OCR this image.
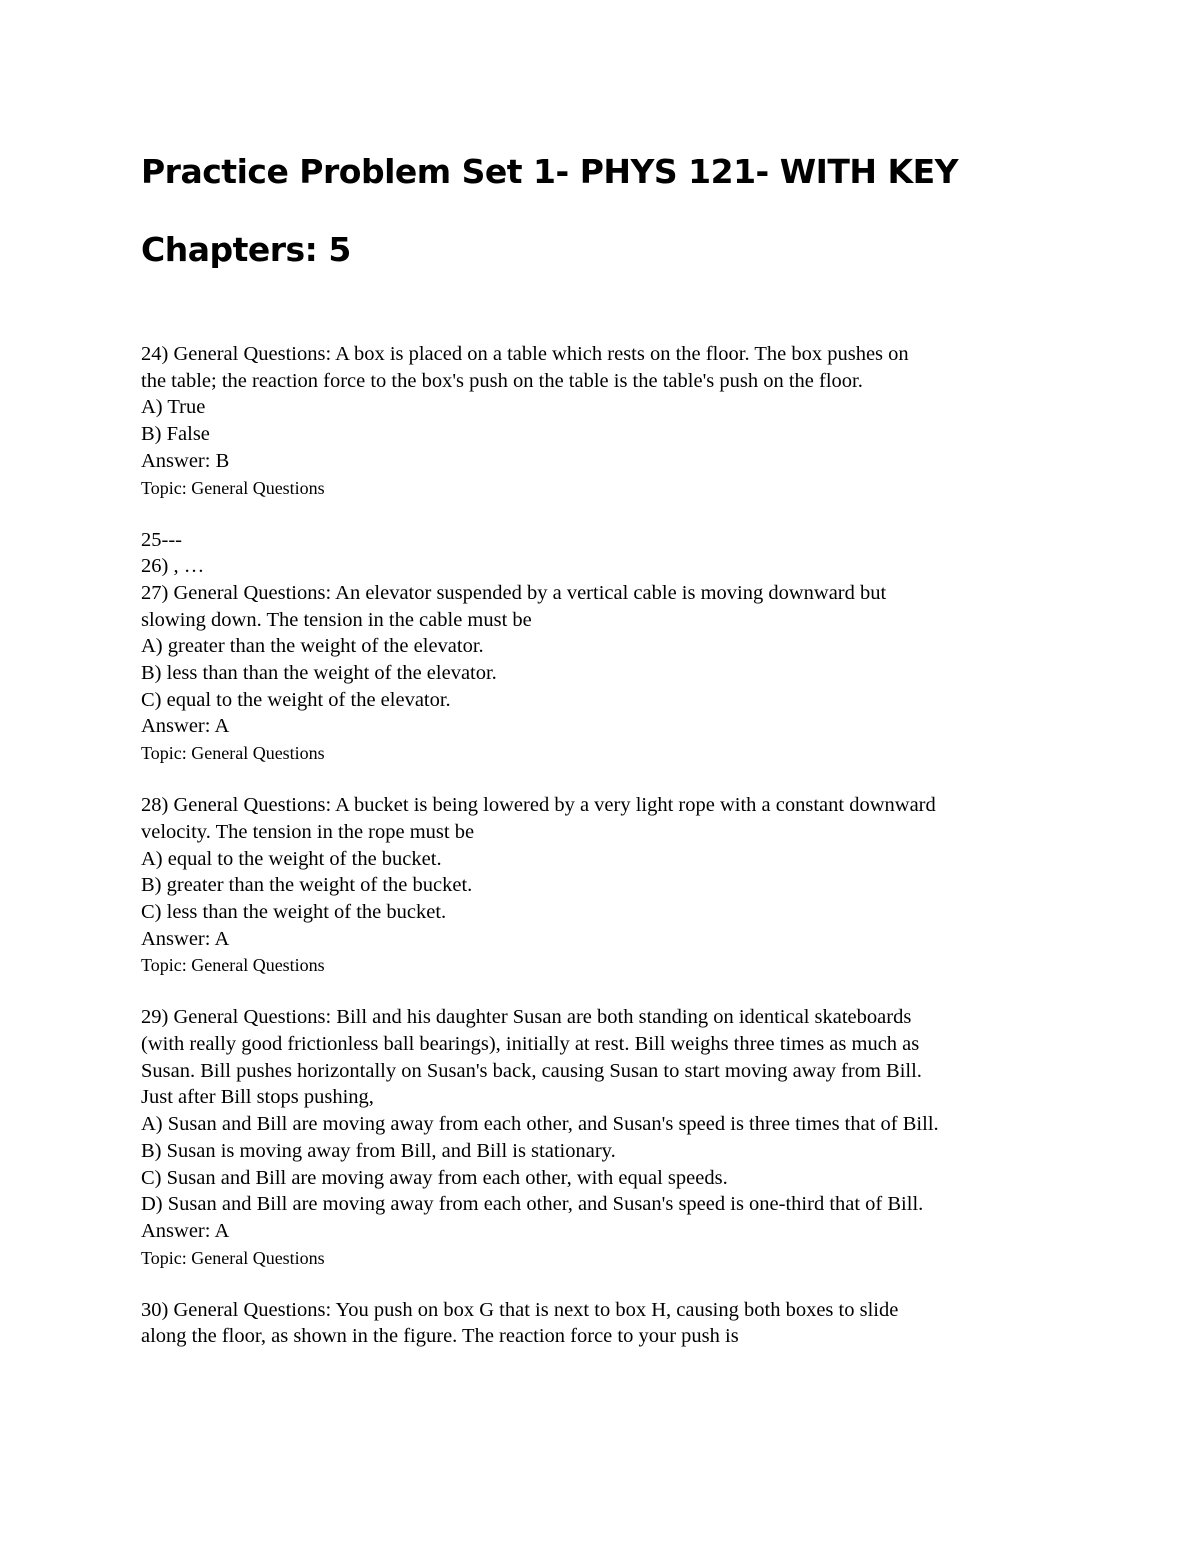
Practice Problem Set 1- PHYS 121- WITH KEY
Chapters: 5

24) General Questions: A box is placed on a table which rests on the floor. The box pushes on

the table; the reaction force to the box's push on the table is the table's push on the floor.

A) True

B) False

Answer: B

Topic: General Questions

25---

26) , …

27) General Questions: An elevator suspended by a vertical cable is moving downward but

slowing down. The tension in the cable must be

A) greater than the weight of the elevator.

B) less than than the weight of the elevator.

C) equal to the weight of the elevator.

Answer: A

Topic: General Questions

28) General Questions: A bucket is being lowered by a very light rope with a constant downward

velocity. The tension in the rope must be

A) equal to the weight of the bucket.

B) greater than the weight of the bucket.

C) less than the weight of the bucket.

Answer: A

Topic: General Questions

29) General Questions: Bill and his daughter Susan are both standing on identical skateboards

(with really good frictionless ball bearings), initially at rest. Bill weighs three times as much as

Susan. Bill pushes horizontally on Susan's back, causing Susan to start moving away from Bill.

Just after Bill stops pushing,

A) Susan and Bill are moving away from each other, and Susan's speed is three times that of Bill.

B) Susan is moving away from Bill, and Bill is stationary.

C) Susan and Bill are moving away from each other, with equal speeds.

D) Susan and Bill are moving away from each other, and Susan's speed is one-third that of Bill.

Answer: A

Topic: General Questions

30) General Questions: You push on box G that is next to box H, causing both boxes to slide

along the floor, as shown in the figure. The reaction force to your push is
